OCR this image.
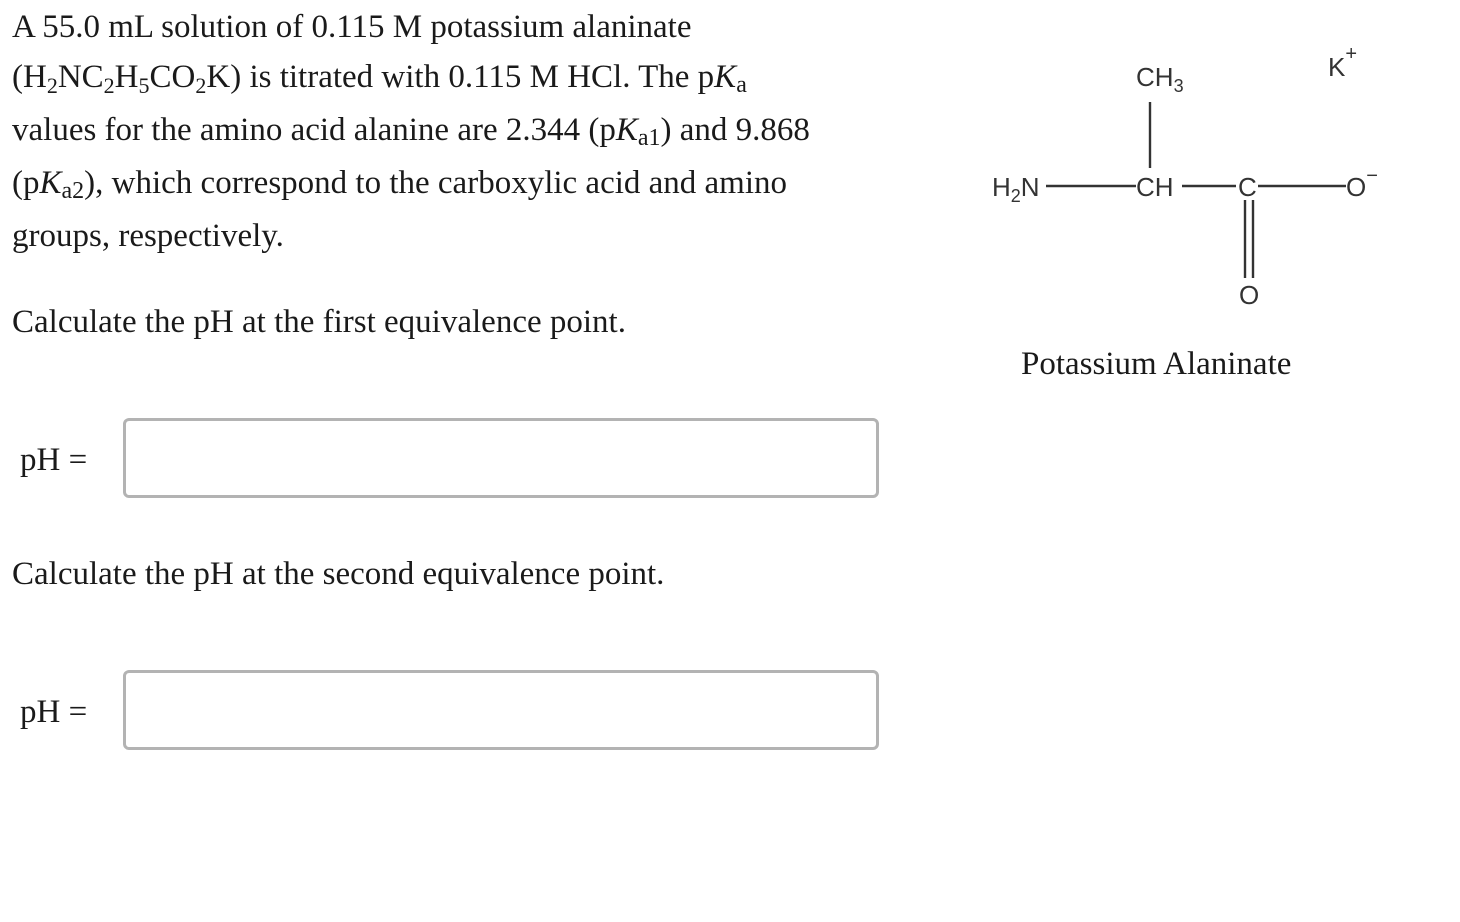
A 55.0 mL solution of 0.115 M potassium alaninate
$(H_2NC_2H_5CO_2K)$ is titrated with 0.115 M HCl. The pKa
values for the amino acid alanine are 2.344 (pKa1) and 9.868
(pKa2), which correspond to the carboxylic acid and amino
groups, respectively.

$CH_3$
K+
$H_2N$	CH C	O−
O

Potassium Alaninate

Calculate the pH at the first equivalence point.

pH =

Calculate the pH at the second equivalence point.

pH =
